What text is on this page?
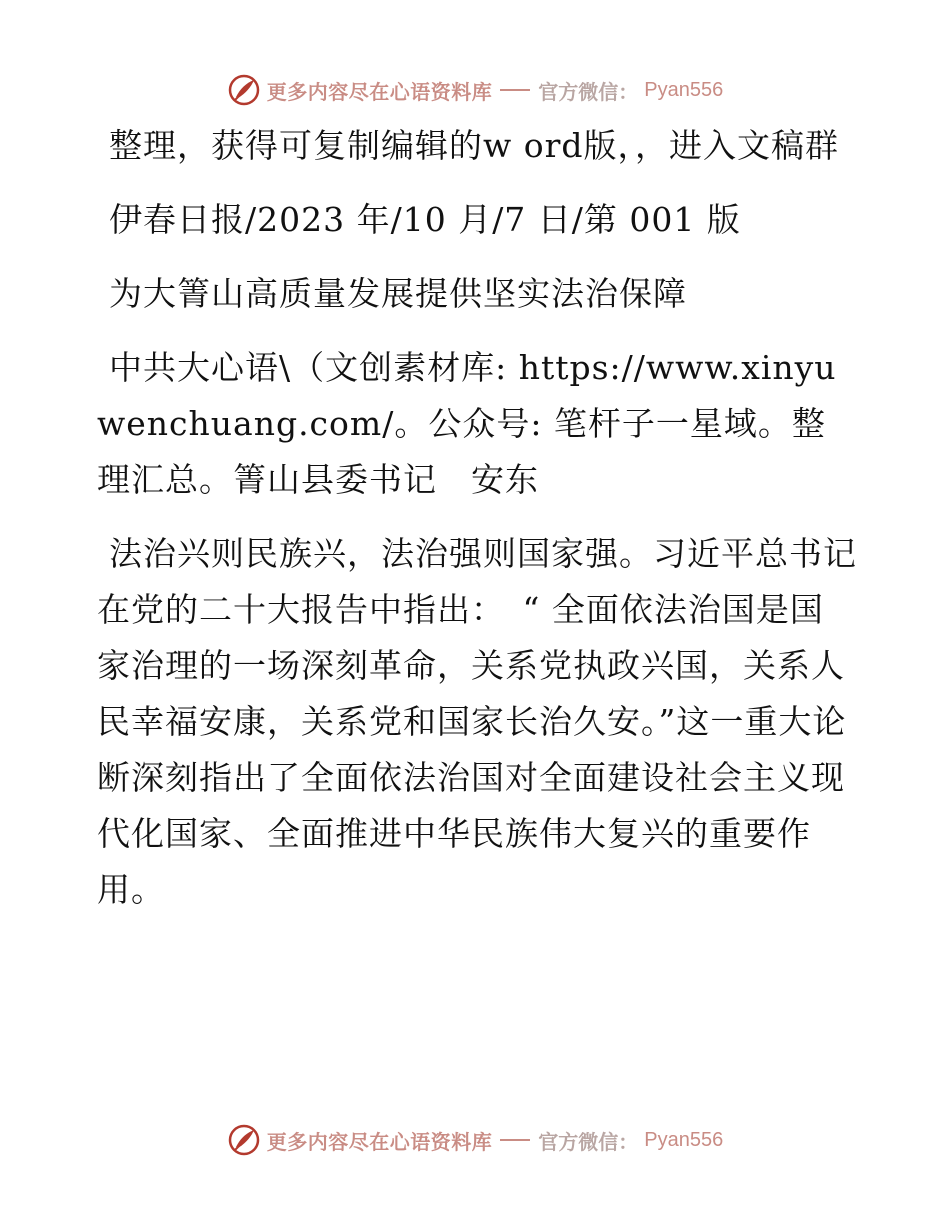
更多内容尽在心语资料库 官方微信： Pyan556

整理，获得可复制编辑的w ord版，，进入文稿群

伊春日报/2023 年/10 月/7 日/第 001 版

为大箐山高质量发展提供坚实法治保障

中共大心语\（文创素材库: https://www.xinyuwenchuang.com/。公众号: 笔杆子一星域。整理汇总。箐山县委书记　安东

法治兴则民族兴，法治强则国家强。习近平总书记在党的二十大报告中指出：　“ 全面依法治国是国家治理的一场深刻革命，关系党执政兴国，关系人民幸福安康，关系党和国家长治久安。”这一重大论断深刻指出了全面依法治国对全面建设社会主义现代化国家、全面推进中华民族伟大复兴的重要作用。

更多内容尽在心语资料库 官方微信： Pyan556
